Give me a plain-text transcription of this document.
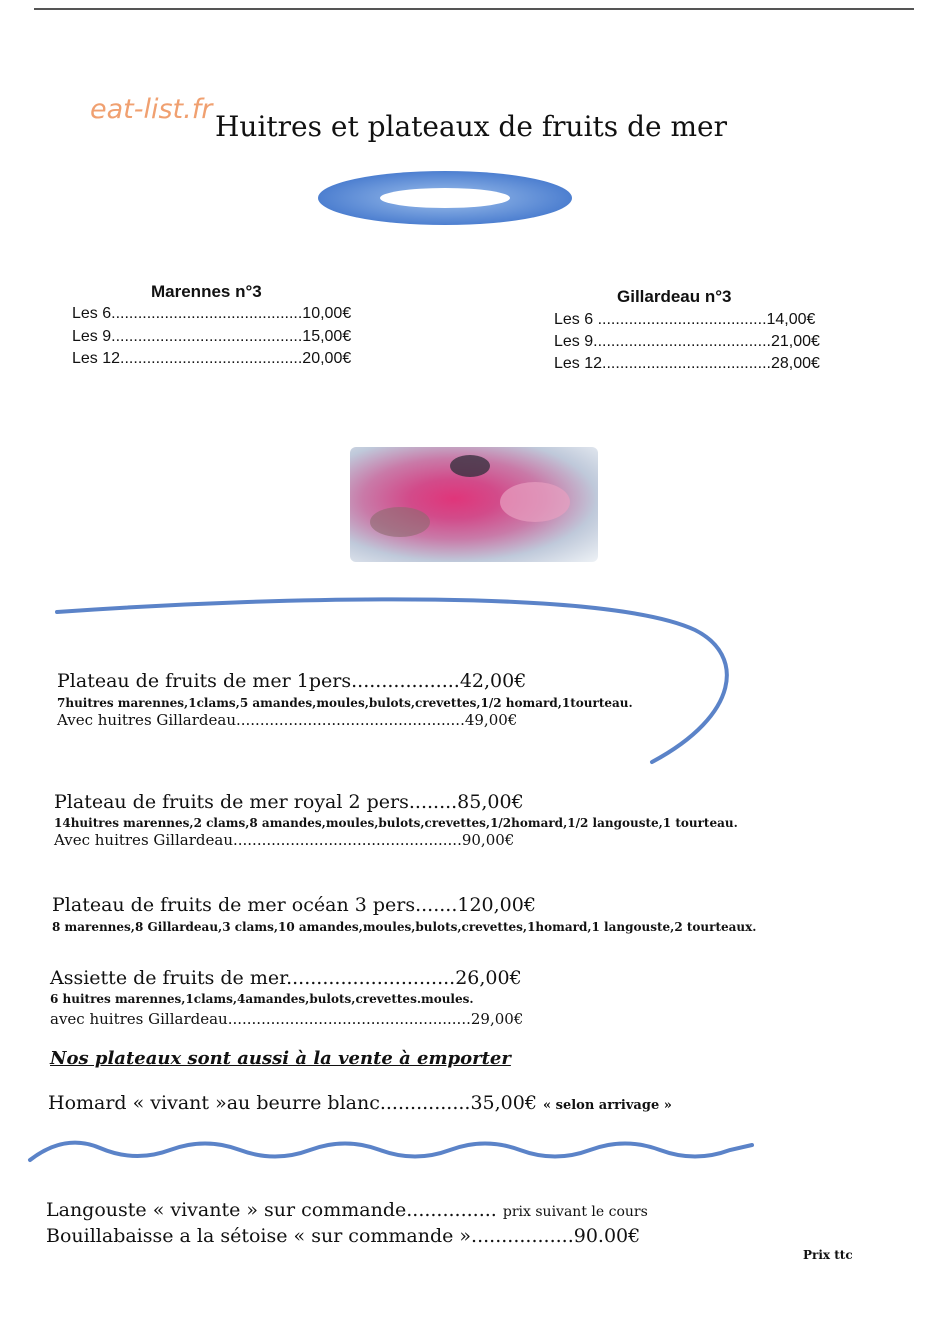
eat-list.fr
Huitres et plateaux de fruits de mer
Marennes n°3
Les 6...........................................10,00€
Les 9...........................................15,00€
Les 12.........................................20,00€
Gillardeau n°3
Les 6 ......................................14,00€
Les 9........................................21,00€
Les 12......................................28,00€
Plateau de fruits de mer 1pers..................42,00€
7huitres marennes,1clams,5 amandes,moules,bulots,crevettes,1/2 homard,1tourteau.
Avec huitres Gillardeau................................................49,00€
Plateau de fruits de mer royal 2 pers........85,00€
14huitres marennes,2 clams,8 amandes,moules,bulots,crevettes,1/2homard,1/2 langouste,1 tourteau.
Avec huitres Gillardeau................................................90,00€
Plateau de fruits de mer océan 3 pers.......120,00€
8 marennes,8 Gillardeau,3 clams,10 amandes,moules,bulots,crevettes,1homard,1 langouste,2 tourteaux.
Assiette de fruits de mer............................26,00€
6 huitres marennes,1clams,4amandes,bulots,crevettes.moules.
avec huitres Gillardeau...................................................29,00€
Nos plateaux sont aussi à la vente à emporter
Homard « vivant »au beurre blanc...............35,00€ « selon arrivage »
Langouste « vivante » sur commande............... prix suivant le cours
Bouillabaisse a la sétoise « sur commande ».................90.00€
Prix ttc
